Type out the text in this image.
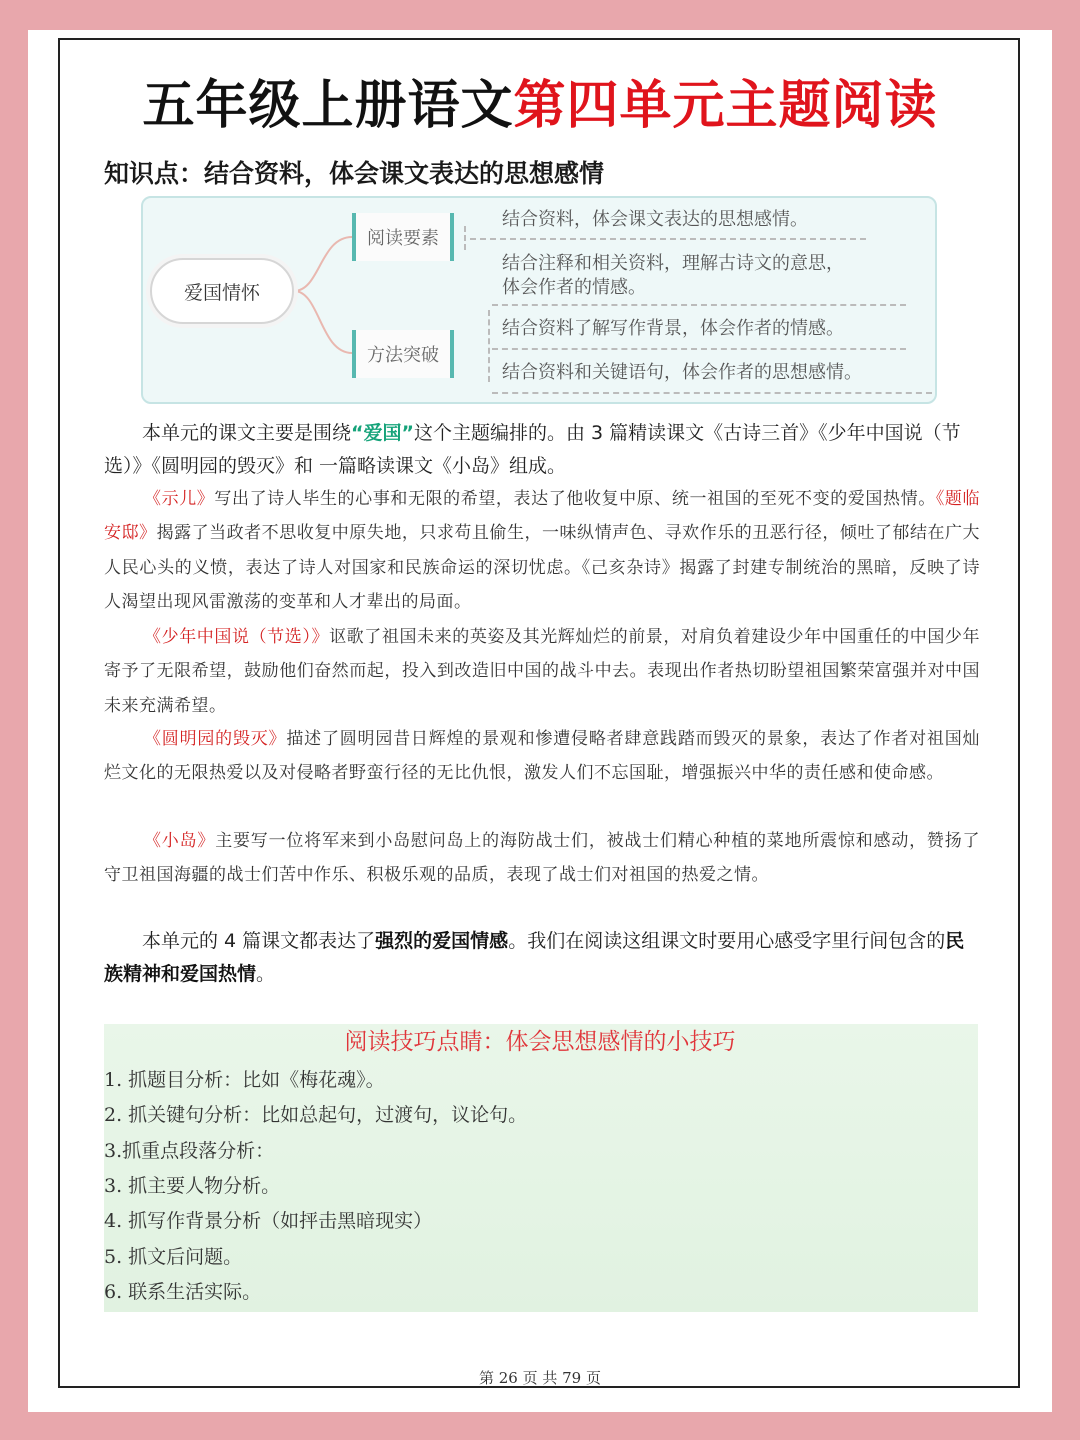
五年级上册语文第四单元主题阅读
知识点：结合资料，体会课文表达的思想感情
爱国情怀
阅读要素
方法突破
结合资料，体会课文表达的思想感情。
结合注释和相关资料，理解古诗文的意思，
体会作者的情感。
结合资料了解写作背景，体会作者的情感。
结合资料和关键语句，体会作者的思想感情。

本单元的课文主要是围绕“爱国”这个主题编排的。由 3 篇精读课文《古诗三首》《少年中国说（节选）》《圆明园的毁灭》和 一篇略读课文《小岛》组成。

《示儿》写出了诗人毕生的心事和无限的希望，表达了他收复中原、统一祖国的至死不变的爱国热情。《题临安邸》揭露了当政者不思收复中原失地，只求苟且偷生，一味纵情声色、寻欢作乐的丑恶行径，倾吐了郁结在广大人民心头的义愤，表达了诗人对国家和民族命运的深切忧虑。《己亥杂诗》揭露了封建专制统治的黑暗，反映了诗人渴望出现风雷激荡的变革和人才辈出的局面。

《少年中国说（节选）》讴歌了祖国未来的英姿及其光辉灿烂的前景，对肩负着建设少年中国重任的中国少年寄予了无限希望，鼓励他们奋然而起，投入到改造旧中国的战斗中去。表现出作者热切盼望祖国繁荣富强并对中国未来充满希望。

《圆明园的毁灭》描述了圆明园昔日辉煌的景观和惨遭侵略者肆意践踏而毁灭的景象，表达了作者对祖国灿烂文化的无限热爱以及对侵略者野蛮行径的无比仇恨，激发人们不忘国耻，增强振兴中华的责任感和使命感。

《小岛》主要写一位将军来到小岛慰问岛上的海防战士们，被战士们精心种植的菜地所震惊和感动，赞扬了守卫祖国海疆的战士们苦中作乐、积极乐观的品质，表现了战士们对祖国的热爱之情。

本单元的 4 篇课文都表达了强烈的爱国情感。我们在阅读这组课文时要用心感受字里行间包含的民族精神和爱国热情。

阅读技巧点睛：体会思想感情的小技巧
1. 抓题目分析：比如《梅花魂》。
2. 抓关键句分析：比如总起句，过渡句，议论句。
3.抓重点段落分析：
3. 抓主要人物分析。
4. 抓写作背景分析（如抨击黑暗现实）
5. 抓文后问题。
6. 联系生活实际。
第 26 页 共 79 页
